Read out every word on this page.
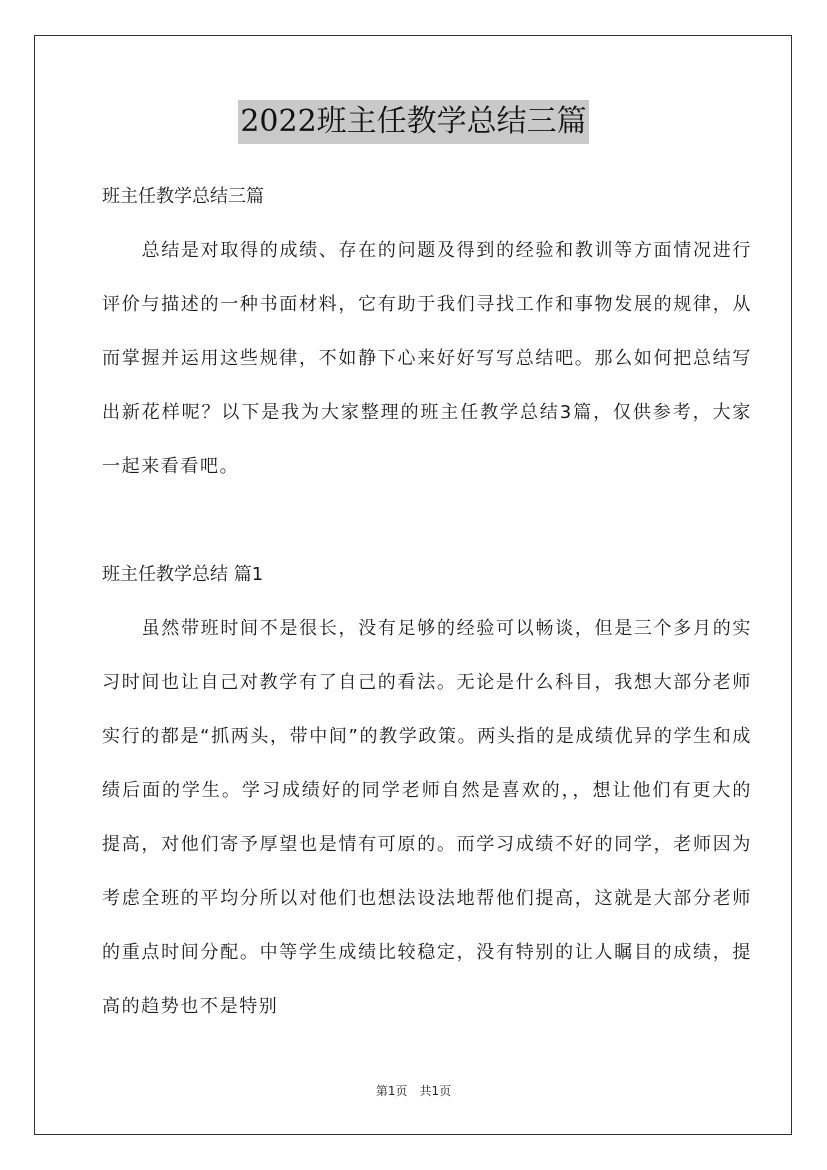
2022班主任教学总结三篇
班主任教学总结三篇

总结是对取得的成绩、存在的问题及得到的经验和教训等方面情况进行评价与描述的一种书面材料，它有助于我们寻找工作和事物发展的规律，从而掌握并运用这些规律，不如静下心来好好写写总结吧。那么如何把总结写出新花样呢？以下是我为大家整理的班主任教学总结3篇，仅供参考，大家一起来看看吧。

班主任教学总结 篇1

虽然带班时间不是很长，没有足够的经验可以畅谈，但是三个多月的实习时间也让自己对教学有了自己的看法。无论是什么科目，我想大部分老师实行的都是“抓两头，带中间”的教学政策。两头指的是成绩优异的学生和成绩后面的学生。学习成绩好的同学老师自然是喜欢的，，想让他们有更大的提高，对他们寄予厚望也是情有可原的。而学习成绩不好的同学，老师因为考虑全班的平均分所以对他们也想法设法地帮他们提高，这就是大部分老师的重点时间分配。中等学生成绩比较稳定，没有特别的让人瞩目的成绩，提高的趋势也不是特别

第1页　共1页
